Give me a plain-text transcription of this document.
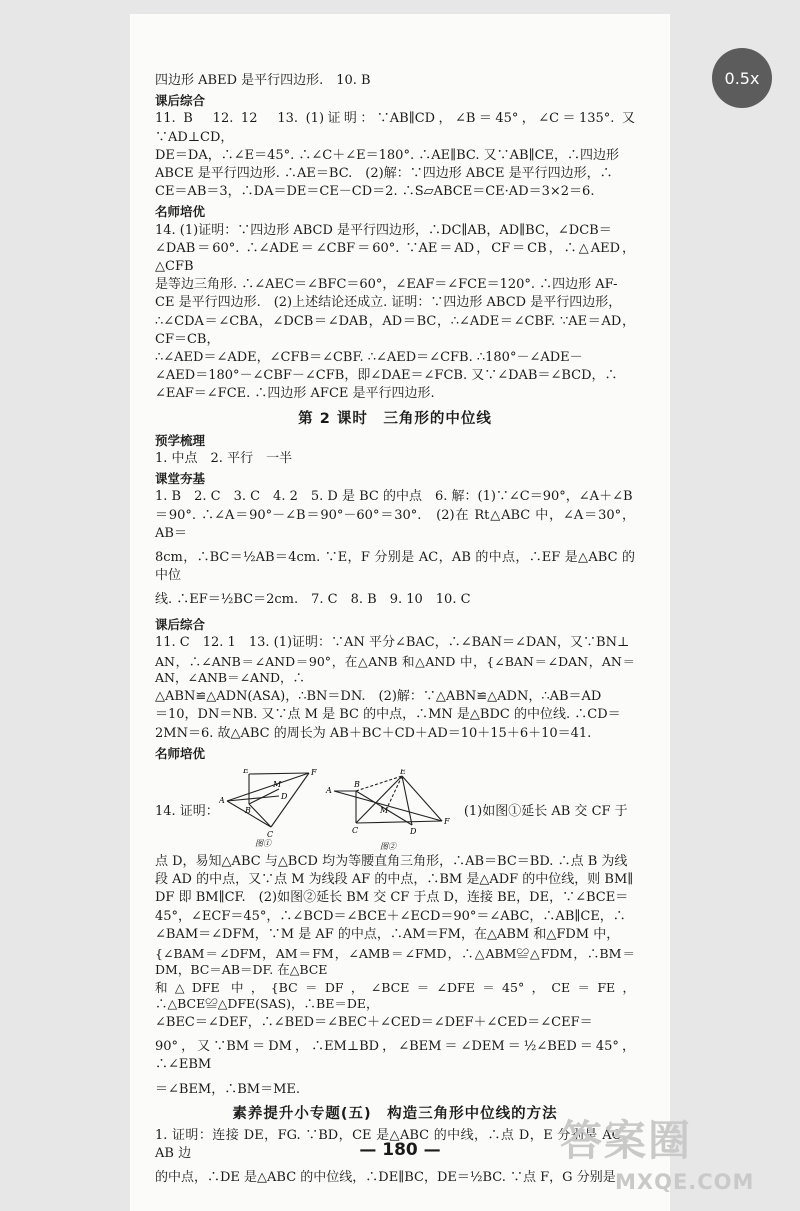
0.5x

四边形 ABED 是平行四边形.　10. B

课后综合

11. B　12. 12　13. (1)证明：∵AB∥CD，∠B＝45°，∠C＝135°. 又∵AD⊥CD，

DE＝DA，∴∠E＝45°. ∴∠C＋∠E＝180°. ∴AE∥BC. 又∵AB∥CE，∴四边形

ABCE 是平行四边形. ∴AE＝BC.　(2)解：∵四边形 ABCE 是平行四边形，∴

CE＝AB＝3，∴DA＝DE＝CE－CD＝2. ∴S▱ABCE＝CE·AD＝3×2＝6.

名师培优

14. (1)证明：∵四边形 ABCD 是平行四边形，∴DC∥AB，AD∥BC，∠DCB＝

∠DAB＝60°. ∴∠ADE＝∠CBF＝60°. ∵AE＝AD，CF＝CB，∴△AED，△CFB

是等边三角形. ∴∠AEC＝∠BFC＝60°，∠EAF＝∠FCE＝120°. ∴四边形 AF-

CE 是平行四边形.　(2)上述结论还成立. 证明：∵四边形 ABCD 是平行四边形，

∴∠CDA＝∠CBA，∠DCB＝∠DAB，AD＝BC，∴∠ADE＝∠CBF. ∵AE＝AD，CF＝CB，

∴∠AED＝∠ADE，∠CFB＝∠CBF. ∴∠AED＝∠CFB. ∴180°－∠ADE－

∠AED＝180°－∠CBF－∠CFB，即∠DAE＝∠FCB. 又∵∠DAB＝∠BCD，∴

∠EAF＝∠FCE. ∴四边形 AFCE 是平行四边形.

第 2 课时　三角形的中位线

预学梳理

1. 中点　2. 平行　一半

课堂夯基

1. B　2. C　3. C　4. 2　5. D 是 BC 的中点　6. 解：(1)∵∠C＝90°，∠A＋∠B

＝90°. ∴∠A＝90°－∠B＝90°－60°＝30°.　(2)在 Rt△ABC 中，∠A＝30°，AB＝

8cm，∴BC＝½AB＝4cm. ∵E，F 分别是 AC，AB 的中点，∴EF 是△ABC 的中位

线. ∴EF＝½BC＝2cm.　7. C　8. B　9. 10　10. C

课后综合

11. C　12. 1　13. (1)证明：∵AN 平分∠BAC，∴∠BAN＝∠DAN，又∵BN⊥

AN，∴∠ANB＝∠AND＝90°，在△ANB 和△AND 中，{∠BAN＝∠DAN，AN＝AN，∠ANB＝∠AND，∴

△ABN≌△ADN(ASA)，∴BN＝DN.　(2)解：∵△ABN≌△ADN，∴AB＝AD

＝10，DN＝NB. 又∵点 M 是 BC 的中点，∴MN 是△BDC 的中位线. ∴CD＝

2MN＝6. 故△ABC 的周长为 AB＋BC＋CD＋AD＝10＋15＋6＋10＝41.

名师培优

14. 证明：
E	F
A
B
M
D
C
图①
E
A
B
M
F
C	D
图②
(1)如图①延长 AB 交 CF 于

点 D，易知△ABC 与△BCD 均为等腰直角三角形，∴AB＝BC＝BD. ∴点 B 为线

段 AD 的中点，又∵点 M 为线段 AF 的中点，∴BM 是△ADF 的中位线，则 BM∥

DF 即 BM∥CF.　(2)如图②延长 BM 交 CF 于点 D，连接 BE，DE，∵∠BCE＝

45°，∠ECF＝45°，∴∠BCD＝∠BCE＋∠ECD＝90°＝∠ABC，∴AB∥CE，∴

∠BAM＝∠DFM，∵M 是 AF 的中点，∴AM＝FM，在△ABM 和△FDM 中，

{∠BAM＝∠DFM，AM＝FM，∠AMB＝∠FMD，∴△ABM≌△FDM，∴BM＝DM，BC＝AB＝DF. 在△BCE

和△DFE 中，{BC＝DF，∠BCE＝∠DFE＝45°，CE＝FE，∴△BCE≌△DFE(SAS)，∴BE＝DE，

∠BEC＝∠DEF，∴∠BED＝∠BEC＋∠CED＝∠DEF＋∠CED＝∠CEF＝

90°，又∵BM＝DM，∴EM⊥BD，∠BEM＝∠DEM＝½∠BED＝45°，∴∠EBM

＝∠BEM，∴BM＝ME.

素养提升小专题(五)　构造三角形中位线的方法

1. 证明：连接 DE，FG. ∵BD，CE 是△ABC 的中线，∴点 D，E 分别是 AC，AB 边

的中点，∴DE 是△ABC 的中位线，∴DE∥BC，DE＝½BC. ∵点 F，G 分别是

— 180 —	答案圈
MXQE.COM
